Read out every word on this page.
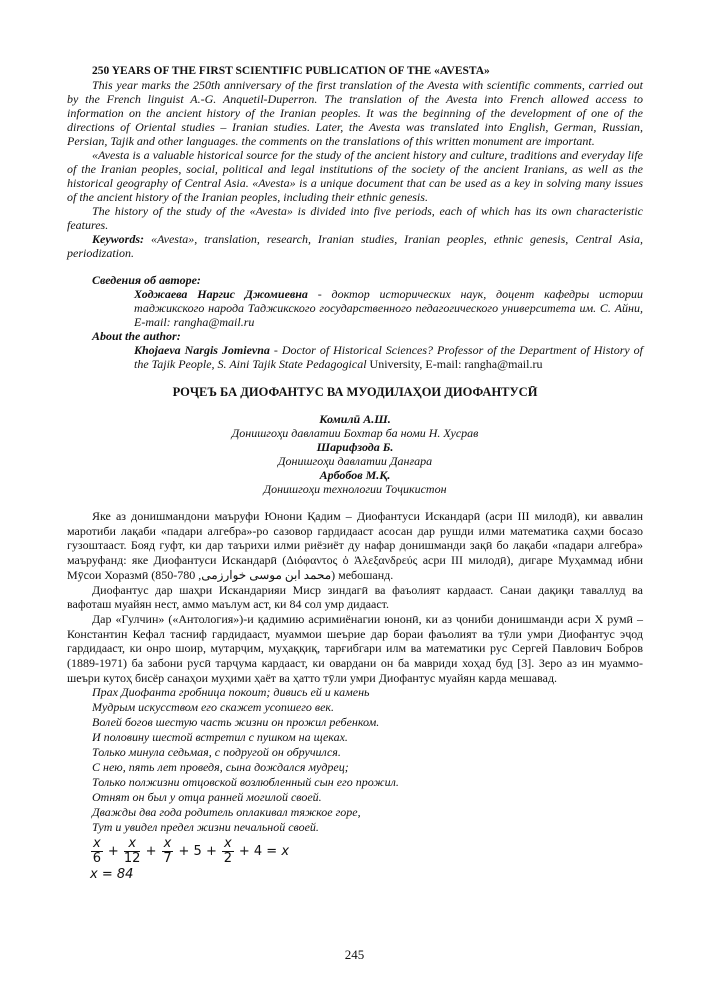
250 YEARS OF THE FIRST SCIENTIFIC PUBLICATION OF THE «AVESTA»

This year marks the 250th anniversary of the first translation of the Avesta with scientific comments, carried out by the French linguist A.-G. Anquetil-Duperron. The translation of the Avesta into French allowed access to information on the ancient history of the Iranian peoples. It was the beginning of the development of one of the directions of Oriental studies – Iranian studies. Later, the Avesta was translated into English, German, Russian, Persian, Tajik and other languages. the comments on the translations of this written monument are important.

«Avesta is a valuable historical source for the study of the ancient history and culture, traditions and everyday life of the Iranian peoples, social, political and legal institutions of the society of the ancient Iranians, as well as the historical geography of Central Asia. «Avesta» is a unique document that can be used as a key in solving many issues of the ancient history of the Iranian peoples, including their ethnic genesis.

The history of the study of the «Avesta» is divided into five periods, each of which has its own characteristic features.

Keywords: «Avesta», translation, research, Iranian studies, Iranian peoples, ethnic genesis, Central Asia, periodization.

Сведения об авторе:

Ходжаева Наргис Джомиевна - доктор исторических наук, доцент кафедры истории таджикского народа Таджикского государственного педагогического университета им. С. Айни, E-mail: rangha@mail.ru

About the author:

Khojaeva Nargis Jomievna - Doctor of Historical Sciences? Professor of the Department of History of the Tajik People, S. Aini Tajik State Pedagogical University, E-mail: rangha@mail.ru

РОҶЕЪ БА ДИОФАНТУС ВА МУОДИЛАҲОИ ДИОФАНТУСӢ

Комилӣ А.Ш.

Донишгоҳи давлатии Бохтар ба номи Н. Хусрав

Шарифзода Б.

Донишгоҳи давлатии Данғара

Арбобов М.Қ.

Донишгоҳи технологии Тоҷикистон

Яке аз донишмандони маъруфи Юнони Қадим – Диофантуси Искандарӣ (асри III милодӣ), ки аввалин маротиби лақаби «падари алгебра»-ро сазовор гардидааст асосан дар рушди илми математика саҳми босазо гузоштааст. Бояд гуфт, ки дар таърихи илми риёзиёт ду нафар донишманди зақӣ бо лақаби «падари алгебра» маъруфанд: яке Диофантуси Искандарӣ (Διόφαντος ὁ Ἀλεξανδρεύς асри III милодӣ), дигаре Муҳаммад ибни Мӯсои Хоразмӣ (محمد ابن موسی خوارزمی, 780-850) мебошанд.

Диофантус дар шаҳри Искандарияи Миср зиндагӣ ва фаъолият кардааст. Санаи дақиқи таваллуд ва вафоташ муайян нест, аммо маълум аст, ки 84 сол умр дидааст.

Дар «Гулчин» («Антология»)-и қадимию асримиёнагии юнонӣ, ки аз ҷониби донишманди асри X румӣ – Константин Кефал тасниф гардидааст, муаммои шеърие дар бораи фаъолият ва тӯли умри Диофантус эҷод гардидааст, ки онро шоир, мутарҷим, муҳаққиқ, тарғибгари илм ва математики рус Сергей Павлович Бобров (1889-1971) ба забони русӣ тарҷума кардааст, ки овардани он ба мавриди хоҳад буд [3]. Зеро аз ин муаммо-шеъри кутоҳ бисёр санаҳои муҳими ҳаёт ва ҳатто тӯли умри Диофантус муайян карда мешавад.

Прах Диофанта гробница покоит; дивись ей и камень

Мудрым искусством его скажет усопшего век.

Волей богов шестую часть жизни он прожил ребенком.

И половину шестой встретил с пушком на щеках.

Только минула седьмая, с подругой он обручился.

С нею, пять лет проведя, сына дождался мудрец;

Только полжизни отцовской возлюбленный сын его прожил.

Отнят он был у отца ранней могилой своей.

Дважды два года родитель оплакивал тяжкое горе,

Тут и увидел предел жизни печальной своей.

$\frac{x}{6} + \frac{x}{12} + \frac{x}{7} + 5 + \frac{x}{2} + 4 = x$
x = 84
245
